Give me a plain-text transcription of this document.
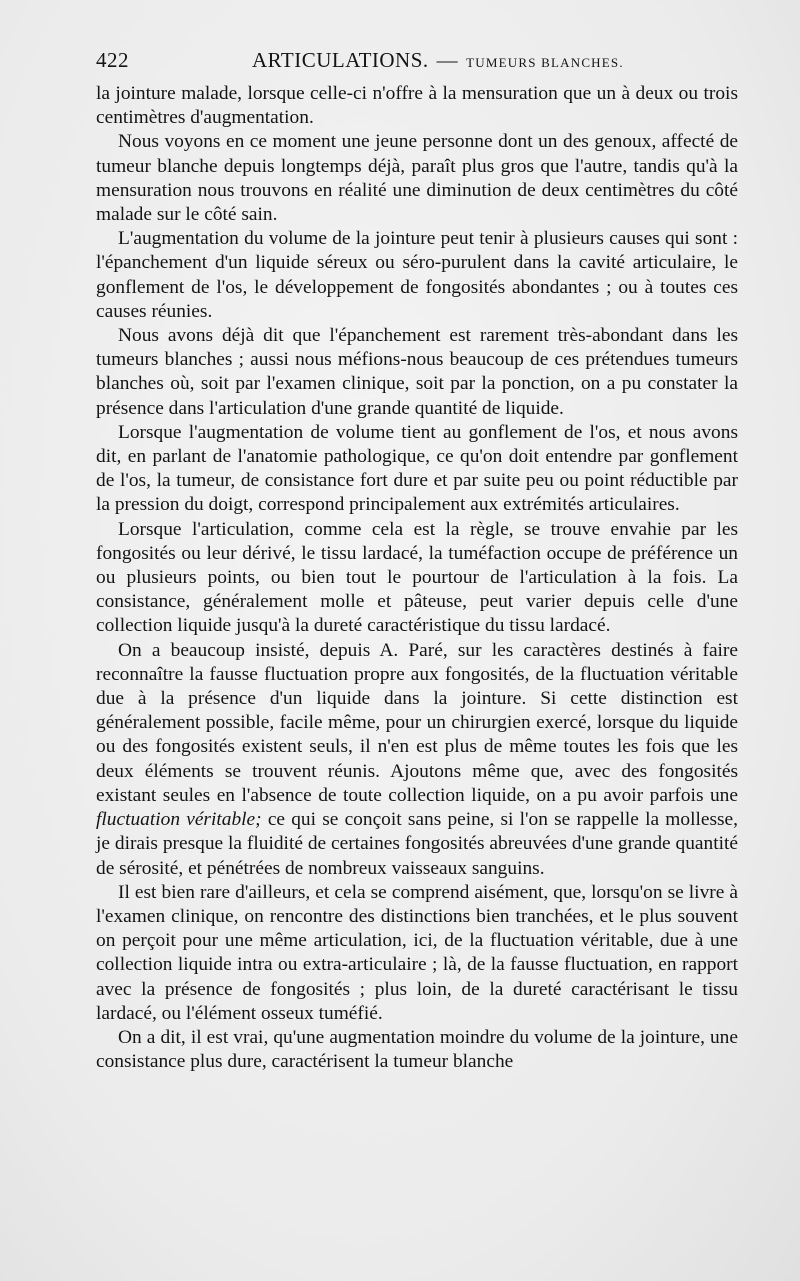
422	ARTICULATIONS. — TUMEURS BLANCHES.

la jointure malade, lorsque celle-ci n'offre à la mensuration que un à deux ou trois centimètres d'augmentation.

Nous voyons en ce moment une jeune personne dont un des genoux, affecté de tumeur blanche depuis longtemps déjà, paraît plus gros que l'autre, tandis qu'à la mensuration nous trouvons en réalité une diminution de deux centimètres du côté malade sur le côté sain.

L'augmentation du volume de la jointure peut tenir à plusieurs causes qui sont : l'épanchement d'un liquide séreux ou séro-purulent dans la cavité articulaire, le gonflement de l'os, le développement de fongosités abondantes ; ou à toutes ces causes réunies.

Nous avons déjà dit que l'épanchement est rarement très-abondant dans les tumeurs blanches ; aussi nous méfions-nous beaucoup de ces prétendues tumeurs blanches où, soit par l'examen clinique, soit par la ponction, on a pu constater la présence dans l'articulation d'une grande quantité de liquide.

Lorsque l'augmentation de volume tient au gonflement de l'os, et nous avons dit, en parlant de l'anatomie pathologique, ce qu'on doit entendre par gonflement de l'os, la tumeur, de consistance fort dure et par suite peu ou point réductible par la pression du doigt, correspond principalement aux extrémités articulaires.

Lorsque l'articulation, comme cela est la règle, se trouve envahie par les fongosités ou leur dérivé, le tissu lardacé, la tuméfaction occupe de préférence un ou plusieurs points, ou bien tout le pourtour de l'articulation à la fois. La consistance, généralement molle et pâteuse, peut varier depuis celle d'une collection liquide jusqu'à la dureté caractéristique du tissu lardacé.

On a beaucoup insisté, depuis A. Paré, sur les caractères destinés à faire reconnaître la fausse fluctuation propre aux fongosités, de la fluctuation véritable due à la présence d'un liquide dans la jointure. Si cette distinction est généralement possible, facile même, pour un chirurgien exercé, lorsque du liquide ou des fongosités existent seuls, il n'en est plus de même toutes les fois que les deux éléments se trouvent réunis. Ajoutons même que, avec des fongosités existant seules en l'absence de toute collection liquide, on a pu avoir parfois une fluctuation véritable; ce qui se conçoit sans peine, si l'on se rappelle la mollesse, je dirais presque la fluidité de certaines fongosités abreuvées d'une grande quantité de sérosité, et pénétrées de nombreux vaisseaux sanguins.

Il est bien rare d'ailleurs, et cela se comprend aisément, que, lorsqu'on se livre à l'examen clinique, on rencontre des distinctions bien tranchées, et le plus souvent on perçoit pour une même articulation, ici, de la fluctuation véritable, due à une collection liquide intra ou extra-articulaire ; là, de la fausse fluctuation, en rapport avec la présence de fongosités ; plus loin, de la dureté caractérisant le tissu lardacé, ou l'élément osseux tuméfié.

On a dit, il est vrai, qu'une augmentation moindre du volume de la jointure, une consistance plus dure, caractérisent la tumeur blanche
